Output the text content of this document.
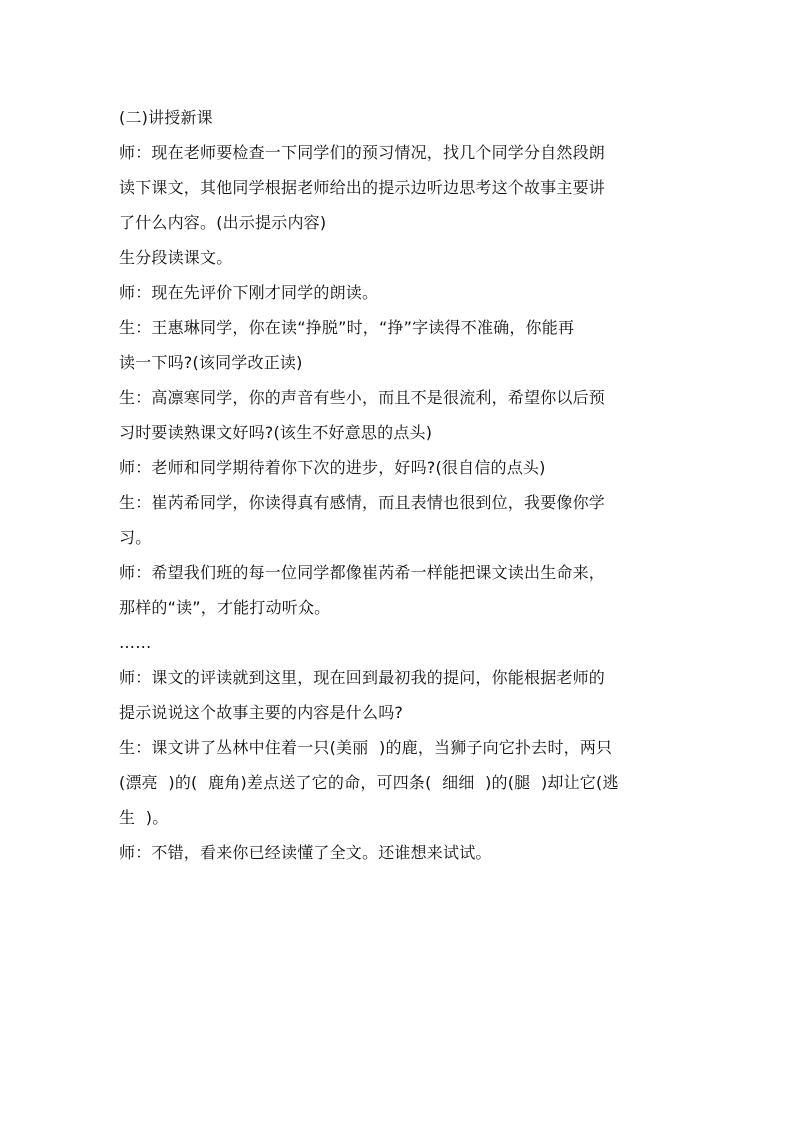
(二)讲授新课
师：现在老师要检查一下同学们的预习情况，找几个同学分自然段朗
读下课文，其他同学根据老师给出的提示边听边思考这个故事主要讲
了什么内容。(出示提示内容)
生分段读课文。
师：现在先评价下刚才同学的朗读。
生：王惠琳同学，你在读“挣脱”时，“挣”字读得不准确，你能再
读一下吗?(该同学改正读)
生：高凛寒同学，你的声音有些小，而且不是很流利，希望你以后预
习时要读熟课文好吗?(该生不好意思的点头)
师：老师和同学期待着你下次的进步，好吗?(很自信的点头)
生：崔芮希同学，你读得真有感情，而且表情也很到位，我要像你学
习。
师：希望我们班的每一位同学都像崔芮希一样能把课文读出生命来，
那样的“读”，才能打动听众。
……
师：课文的评读就到这里，现在回到最初我的提问，你能根据老师的
提示说说这个故事主要的内容是什么吗?
生：课文讲了丛林中住着一只(美丽  )的鹿，当狮子向它扑去时，两只
(漂亮  )的(  鹿角)差点送了它的命，可四条(  细细  )的(腿  )却让它(逃
生  )。
师：不错，看来你已经读懂了全文。还谁想来试试。
